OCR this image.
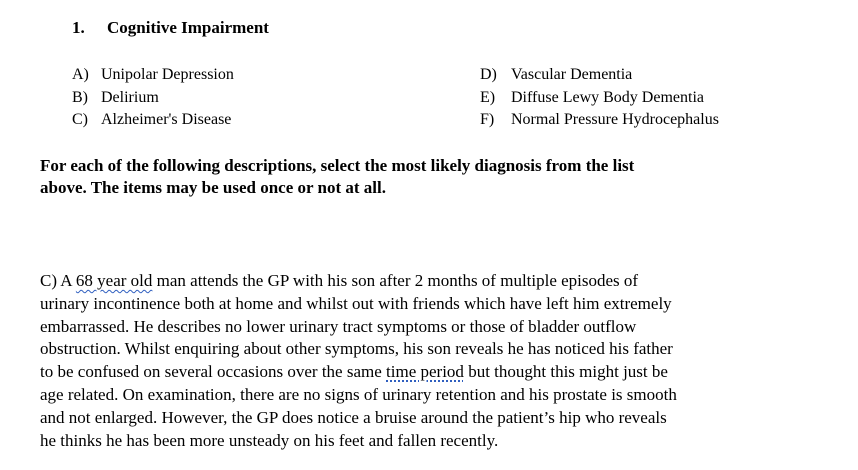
1. Cognitive Impairment
A) Unipolar Depression
B) Delirium
C) Alzheimer's Disease
D) Vascular Dementia
E) Diffuse Lewy Body Dementia
F) Normal Pressure Hydrocephalus
For each of the following descriptions, select the most likely diagnosis from the list
above. The items may be used once or not at all.
C) A 68 year old man attends the GP with his son after 2 months of multiple episodes of
urinary incontinence both at home and whilst out with friends which have left him extremely
embarrassed. He describes no lower urinary tract symptoms or those of bladder outflow
obstruction. Whilst enquiring about other symptoms, his son reveals he has noticed his father
to be confused on several occasions over the same time period but thought this might just be
age related. On examination, there are no signs of urinary retention and his prostate is smooth
and not enlarged. However, the GP does notice a bruise around the patient’s hip who reveals
he thinks he has been more unsteady on his feet and fallen recently.
